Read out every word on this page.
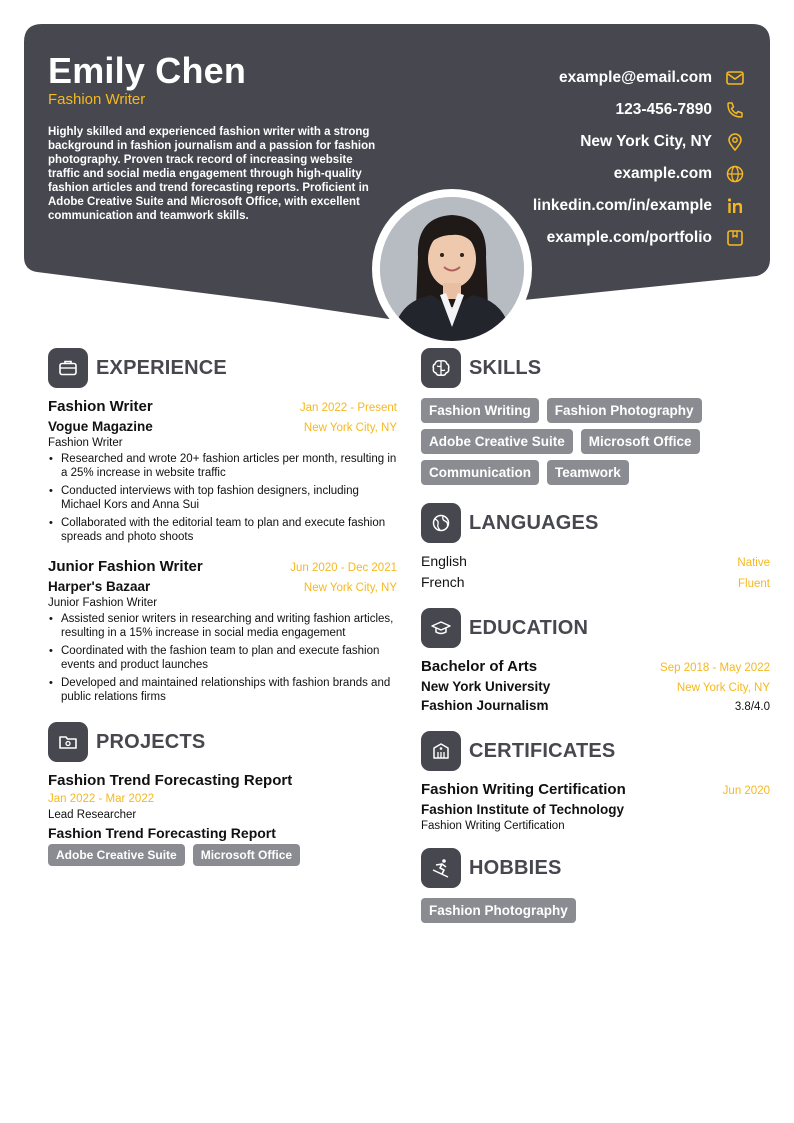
Emily Chen
Fashion Writer
Highly skilled and experienced fashion writer with a strong background in fashion journalism and a passion for fashion photography. Proven track record of increasing website traffic and social media engagement through high-quality fashion articles and trend forecasting reports. Proficient in Adobe Creative Suite and Microsoft Office, with excellent communication and teamwork skills.
example@email.com
123-456-7890
New York City, NY
example.com
linkedin.com/in/example
example.com/portfolio
EXPERIENCE
Fashion Writer	Jan 2022 - Present
Vogue Magazine	New York City, NY
Fashion Writer
• Researched and wrote 20+ fashion articles per month, resulting in a 25% increase in website traffic
• Conducted interviews with top fashion designers, including Michael Kors and Anna Sui
• Collaborated with the editorial team to plan and execute fashion spreads and photo shoots
Junior Fashion Writer	Jun 2020 - Dec 2021
Harper's Bazaar	New York City, NY
Junior Fashion Writer
• Assisted senior writers in researching and writing fashion articles, resulting in a 15% increase in social media engagement
• Coordinated with the fashion team to plan and execute fashion events and product launches
• Developed and maintained relationships with fashion brands and public relations firms
PROJECTS
Fashion Trend Forecasting Report
Jan 2022 - Mar 2022
Lead Researcher
Fashion Trend Forecasting Report
Adobe Creative Suite	Microsoft Office
SKILLS
Fashion Writing	Fashion Photography
Adobe Creative Suite	Microsoft Office
Communication	Teamwork
LANGUAGES
English	Native
French	Fluent
EDUCATION
Bachelor of Arts	Sep 2018 - May 2022
New York University	New York City, NY
Fashion Journalism	3.8/4.0
CERTIFICATES
Fashion Writing Certification	Jun 2020
Fashion Institute of Technology
Fashion Writing Certification
HOBBIES
Fashion Photography
